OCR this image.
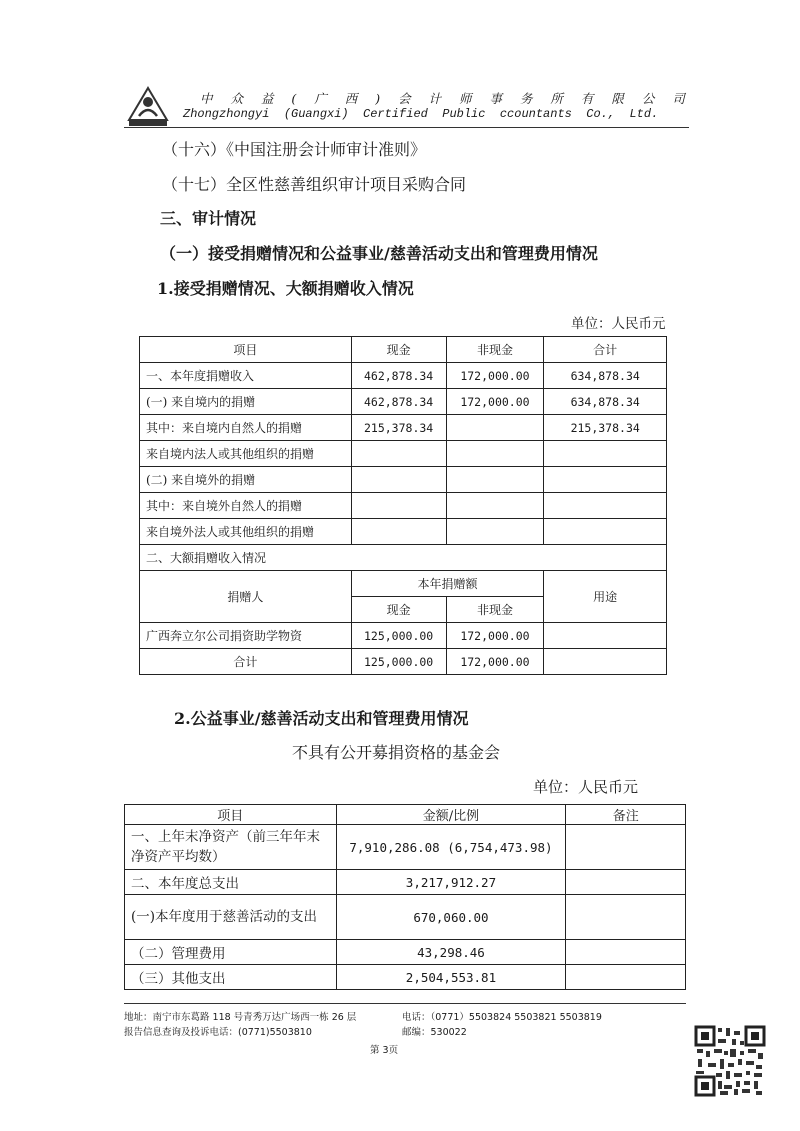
中 众 益 ( 广 西 ) 会 计 师 事 务 所 有 限 公 司
Zhongzhongyi  (Guangxi)  Certified  Public  ccountants  Co.,  Ltd.
（十六）《中国注册会计师审计准则》
（十七）全区性慈善组织审计项目采购合同
三、审计情况
（一）接受捐赠情况和公益事业/慈善活动支出和管理费用情况
1.接受捐赠情况、大额捐赠收入情况
单位：人民币元
项目	现金	非现金	合计
一、本年度捐赠收入	462,878.34	172,000.00	634,878.34
(一) 来自境内的捐赠	462,878.34	172,000.00	634,878.34
其中：来自境内自然人的捐赠	215,378.34		215,378.34
来自境内法人或其他组织的捐赠			
(二) 来自境外的捐赠			
其中：来自境外自然人的捐赠			
来自境外法人或其他组织的捐赠			
二、大额捐赠收入情况			
捐赠人	本年捐赠额		用途
	现金	非现金	
广西奔立尔公司捐资助学物资	125,000.00	172,000.00	
合计	125,000.00	172,000.00	
2.公益事业/慈善活动支出和管理费用情况
不具有公开募捐资格的基金会
单位：人民币元
项目	金额/比例	备注
一、上年末净资产（前三年年末净资产平均数）	7,910,286.08 (6,754,473.98)	
二、本年度总支出	3,217,912.27	
(一)本年度用于慈善活动的支出	670,060.00	
（二）管理费用	43,298.46	
（三）其他支出	2,504,553.81	
地址：南宁市东葛路 118 号青秀万达广场西一栋 26 层	电话：（0771）5503824 5503821 5503819
报告信息查询及投诉电话：(0771)5503810	邮编：530022
第 3页
